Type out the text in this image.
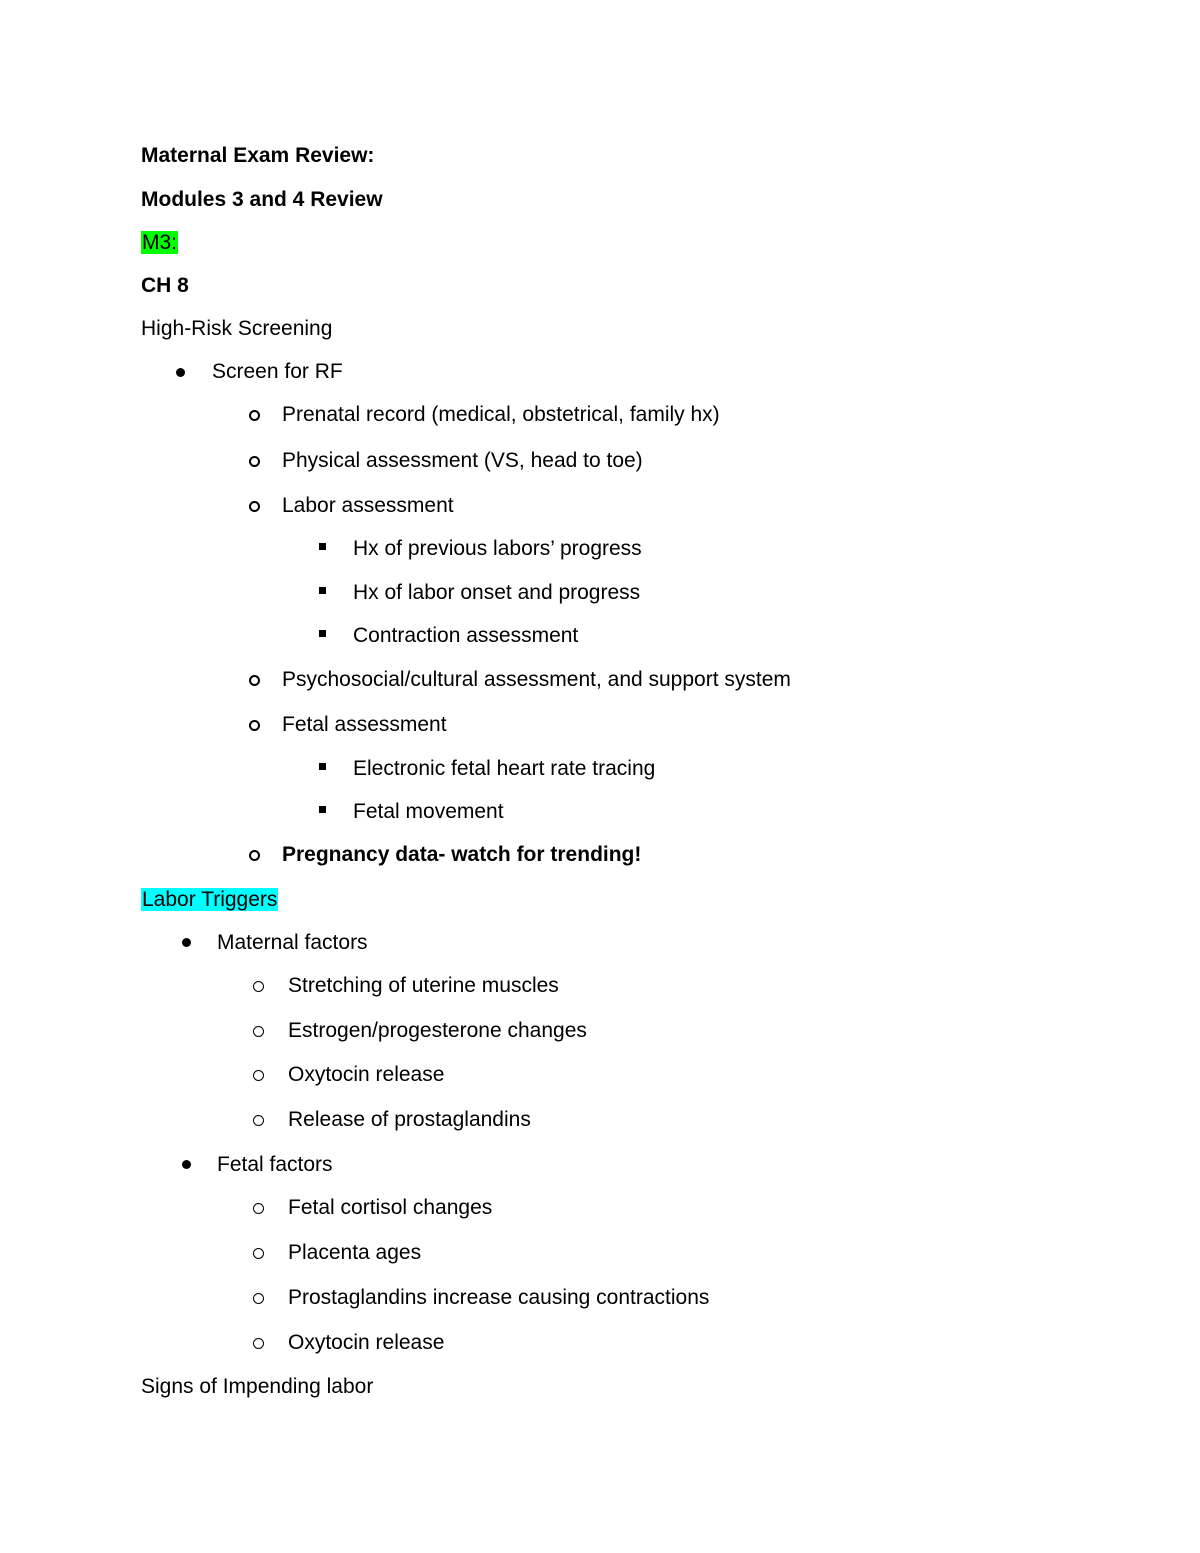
Maternal Exam Review:
Modules 3 and 4 Review
M3:
CH 8
High-Risk Screening
Screen for RF
Prenatal record (medical, obstetrical, family hx)
Physical assessment (VS, head to toe)
Labor assessment
Hx of previous labors’ progress
Hx of labor onset and progress
Contraction assessment
Psychosocial/cultural assessment, and support system
Fetal assessment
Electronic fetal heart rate tracing
Fetal movement
Pregnancy data- watch for trending!
Labor Triggers
Maternal factors
Stretching of uterine muscles
Estrogen/progesterone changes
Oxytocin release
Release of prostaglandins
Fetal factors
Fetal cortisol changes
Placenta ages
Prostaglandins increase causing contractions
Oxytocin release
Signs of Impending labor
